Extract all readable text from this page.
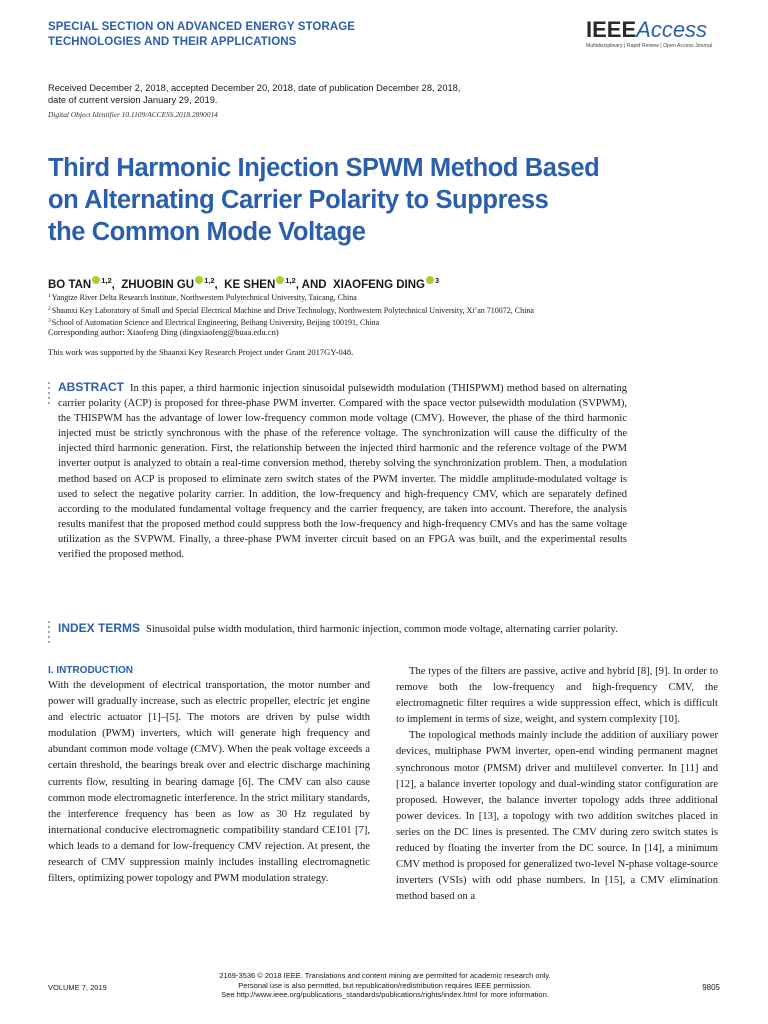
SPECIAL SECTION ON ADVANCED ENERGY STORAGE
TECHNOLOGIES AND THEIR APPLICATIONS	IEEEAccess
Multidisciplinary | Rapid Review | Open Access Journal
Received December 2, 2018, accepted December 20, 2018, date of publication December 28, 2018,
date of current version January 29, 2019.
Digital Object Identifier 10.1109/ACCESS.2018.2890014
Third Harmonic Injection SPWM Method Based
on Alternating Carrier Polarity to Suppress
the Common Mode Voltage
BO TAN $^{1,2}$,  ZHUOBIN GU $^{1,2}$,  KE SHEN $^{1,2}$, AND  XIAOFENG DING $^3$
$^1$Yangtze River Delta Research Institute, Northwestern Polytechnical University, Taicang, China
$^2$Shaanxi Key Laboratory of Small and Special Electrical Machine and Drive Technology, Northwestern Polytechnical University, Xi’an 710072, China
$^3$School of Automation Science and Electrical Engineering, Beihang University, Beijing 100191, China
Corresponding author: Xiaofeng Ding (dingxiaofeng@buaa.edu.cn)
This work was supported by the Shaanxi Key Research Project under Grant 2017GY-048.
ABSTRACT In this paper, a third harmonic injection sinusoidal pulsewidth modulation (THISPWM) method based on alternating carrier polarity (ACP) is proposed for three-phase PWM inverter. Compared with the space vector pulsewidth modulation (SVPWM), the THISPWM has the advantage of lower low-frequency common mode voltage (CMV). However, the phase of the third harmonic injected must be strictly synchronous with the phase of the reference voltage. The synchronization will cause the difficulty of the injected third harmonic generation. First, the relationship between the injected third harmonic and the reference voltage of the PWM inverter output is analyzed to obtain a real-time conversion method, thereby solving the synchronization problem. Then, a modulation method based on ACP is proposed to eliminate zero switch states of the PWM inverter. The middle amplitude-modulated voltage is used to select the negative polarity carrier. In addition, the low-frequency and high-frequency CMV, which are separately defined according to the modulated fundamental voltage frequency and the carrier frequency, are taken into account. Therefore, the analysis results manifest that the proposed method could suppress both the low-frequency and high-frequency CMVs and has the same voltage utilization as the SVPWM. Finally, a three-phase PWM inverter circuit based on an FPGA was built, and the experimental results verified the proposed method.
INDEX TERMS Sinusoidal pulse width modulation, third harmonic injection, common mode voltage, alternating carrier polarity.
I. INTRODUCTION

With the development of electrical transportation, the motor number and power will gradually increase, such as electric propeller, electric jet engine and electric actuator [1]–[5]. The motors are driven by pulse width modulation (PWM) inverters, which will generate high frequency and abundant common mode voltage (CMV). When the peak voltage exceeds a certain threshold, the bearings break over and electric discharge machining currents flow, resulting in bearing damage [6]. The CMV can also cause common mode electromagnetic interference. In the strict military standards, the interference frequency has been as low as 30 Hz regulated by international conducive electromagnetic compatibility standard CE101 [7], which leads to a demand for low-frequency CMV rejection. At present, the research of CMV suppression mainly includes installing electromagnetic filters, optimizing power topology and PWM modulation strategy.

The types of the filters are passive, active and hybrid [8], [9]. In order to remove both the low-frequency and high-frequency CMV, the electromagnetic filter requires a wide suppression effect, which is difficult to implement in terms of size, weight, and system complexity [10].

The topological methods mainly include the addition of auxiliary power devices, multiphase PWM inverter, open-end winding permanent magnet synchronous motor (PMSM) driver and multilevel converter. In [11] and [12], a balance inverter topology and dual-winding stator configuration are proposed. However, the balance inverter topology adds three additional power devices. In [13], a topology with two addition switches placed in series on the DC lines is presented. The CMV during zero switch states is reduced by floating the inverter from the DC source. In [14], a minimum CMV method is proposed for generalized two-level N-phase voltage-source inverters (VSIs) with odd phase numbers. In [15], a CMV elimination method based on a

VOLUME 7, 2019
2169-3536 © 2018 IEEE. Translations and content mining are permitted for academic research only.
Personal use is also permitted, but republication/redistribution requires IEEE permission.
See http://www.ieee.org/publications_standards/publications/rights/index.html for more information.
9805
